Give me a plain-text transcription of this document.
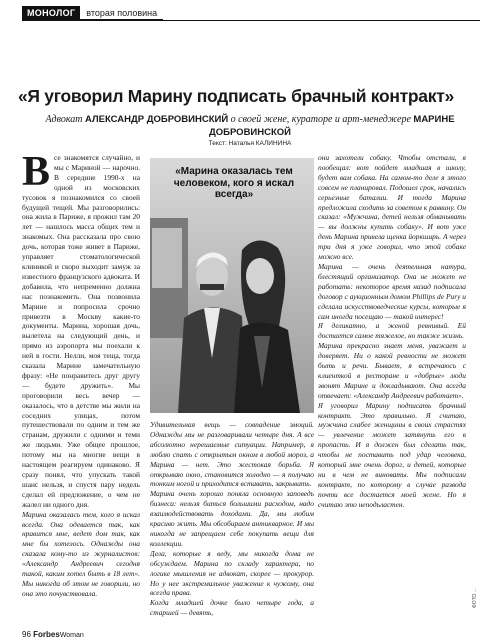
МОНОЛОГ	вторая половина
«Я уговорил Марину подписать брачный контракт»
Адвокат АЛЕКСАНДР ДОБРОВИНСКИЙ о своей жене, куратоpе и арт-менеджере МАРИНЕ ДОБРОВИНСКОЙ
Текст: Наталья КАЛИНИНА
В се знакомятся случайно, и мы с Мариной — нарочно. В середине 1990-х на одной из московских тусовок я познакомился со своей будущей тещей. Мы разговорились: она жила в Париже, я прожил там 20 лет — нашлось масса общих тем и знакомых. Она рассказала про свою дочь, которая тоже живет в Париже, управляет стоматологической клиникой и скоро выходит замуж за известного французского адвоката. И добавила, что непременно должна нас познакомить. Она позвонила Марине и попросила срочно привезти в Москву какие-то документы. Марина, хорошая дочь, вылетела на следующий день, и прямо из аэропорта мы поехали к ней в гости. Нелли, моя теща, тогда сказала Марине замечательную фразу: «Не понравитесь друг другу — будете дружить». Мы проговорили весь вечер — оказалось, что в детстве мы жили на соседних улицах, потом путешествовали по одним и тем же странам, дружили с одними и теми же людьми. Уже общее прошлое, потому мы на многие вещи в настоящем реагируем одинаково. Я сразу понял, что упускать такой шанс нельзя, и спустя пару недель сделал ей предложение, о чем не жалел ни одного дня.

Марина оказалась тем, кого я искал всегда. Она одевается так, как нравится мне, ведет дом так, как мне бы хотелось. Однажды она сказала кому-то из журналистов: «Александр Андреевич сегодня такой, каким хотел быть в 18 лет». Мы никогда об этом не говорили, но она это почувствовала.

«Марина оказалась тем человеком, кого я искал всегда»

Удивительная вещь — совпадение эмоций. Однажды мы не разговаривали четыре дня. А все абсолютно нерешаемые ситуации. Например, я люблю спать с открытым окном в любой мороз, а Марина — нет. Это жестокая борьба. Я открываю окно, становится холодно — я получаю тонким ногой и приходится вставать, закрывать.

Марина очень хорошо поняла основную заповедь бизнеса: нельзя биться большими расходом, надо взаимодействовать доходами. Да, мы любим красиво жить. Мы обсобираем антикварное. И мы никогда не запрещаем себе покупать вещи для коллекции.

Дела, которые я веду, мы никогда дома не обсуждаем. Марина по складу характера, по логике мышления не адвокат, скорее — прокурор. Но у нее экстремальное уважение к чужому, она всегда права.

Когда младшей дочке было четыре года, а старшей — девять,

они захотели собаку. Чтобы отстали, я пообещал: вот пойдет младшая в школу, будет вам собака. На самом-то деле я этого совсем не планировал. Подошел срок, начались серьезные баталии. И тогда Марина предложила сходить за советом к раввину. Он сказал: «Мужчина, детей нельзя обманывать — вы должны купить собаку». И вот уже день Марина привела щенка йоркширь. А через три дня я уже говорил, что этой собаке можно все.

Марина — очень деятельная натура, блестящий организатор. Она не может не работать: некоторое время назад подписала договор с аукционным домом Phillips de Pury и сделала искусствоведческие курсы, которые я сам иногда посещаю — такой интерес!

Я деликатно, а женой ревнивый. Ей достается самое тяжелое, но также жизнь.

Марина прекрасно знает меня, уважает и доверяет. Ни о какой ревности не может быть и речи. Бывает, я встречаюсь с клиенткой в ресторане и «добрые» люди звонят Марине и докладывают. Она всегда отвечает: «Александр Андреевич работает».

Я уговорил Марину подписать брачный контракт. Это правильно. Я считаю, мужчина слабее женщины в своих страстях — увлечение может затянуть его в пропасть. И я должен был сделать так, чтобы не поставить под удар человека, который мне очень дорог, и детей, которые ни в чем не виноваты. Мы подписали контракт, по которому в случае развода почти все достается моей жене. Но я считаю это неподьластен.

ФОТО ...
96 ForbesWoman
